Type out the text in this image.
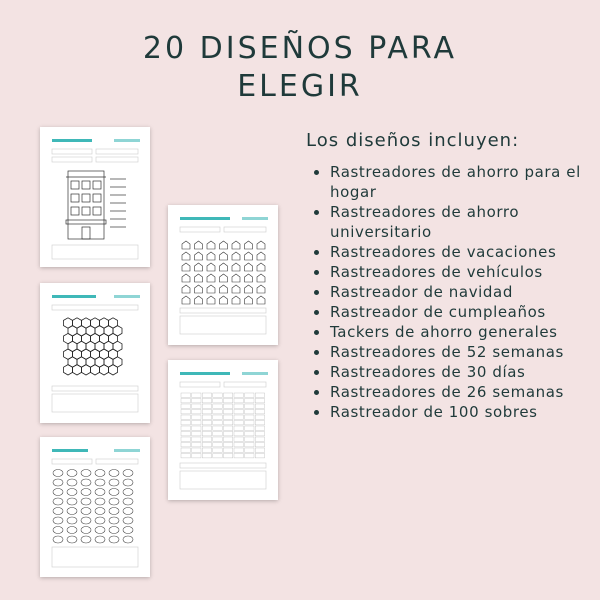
20 DISEÑOS PARA
ELEGIR

Los diseños incluyen:

• Rastreadores de ahorro para el hogar
• Rastreadores de ahorro universitario
• Rastreadores de vacaciones
• Rastreadores de vehículos
• Rastreador de navidad
• Rastreador de cumpleaños
• Tackers de ahorro generales
• Rastreadores de 52 semanas
• Rastreadores de 30 días
• Rastreadores de 26 semanas
• Rastreador de 100 sobres
